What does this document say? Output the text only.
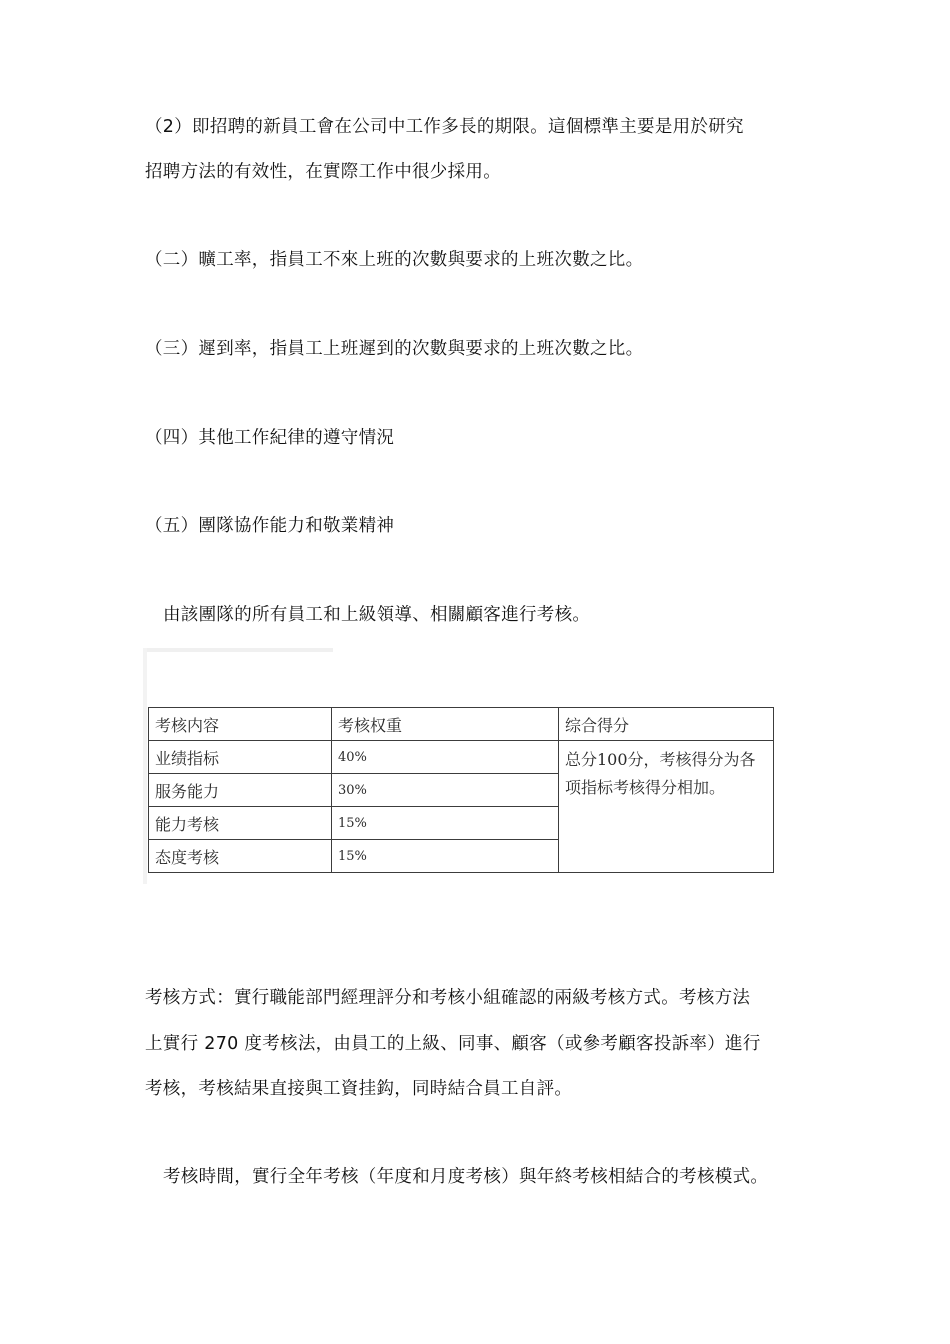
（2）即招聘的新員工會在公司中工作多長的期限。這個標準主要是用於研究
招聘方法的有效性，在實際工作中很少採用。
（二）曠工率，指員工不來上班的次數與要求的上班次數之比。
（三）遲到率，指員工上班遲到的次數與要求的上班次數之比。
（四）其他工作紀律的遵守情況
（五）團隊協作能力和敬業精神
由該團隊的所有員工和上級領導、相關顧客進行考核。
考核内容	考核权重	综合得分
业绩指标	40%	总分100分，考核得分为各
项指标考核得分相加。

服务能力	30%	
能力考核	15%	
态度考核	15%	
考核方式：實行職能部門經理評分和考核小組確認的兩級考核方式。考核方法
上實行 270 度考核法，由員工的上級、同事、顧客（或參考顧客投訴率）進行
考核，考核結果直接與工資挂鈎，同時結合員工自評。
考核時間，實行全年考核（年度和月度考核）與年終考核相結合的考核模式。
